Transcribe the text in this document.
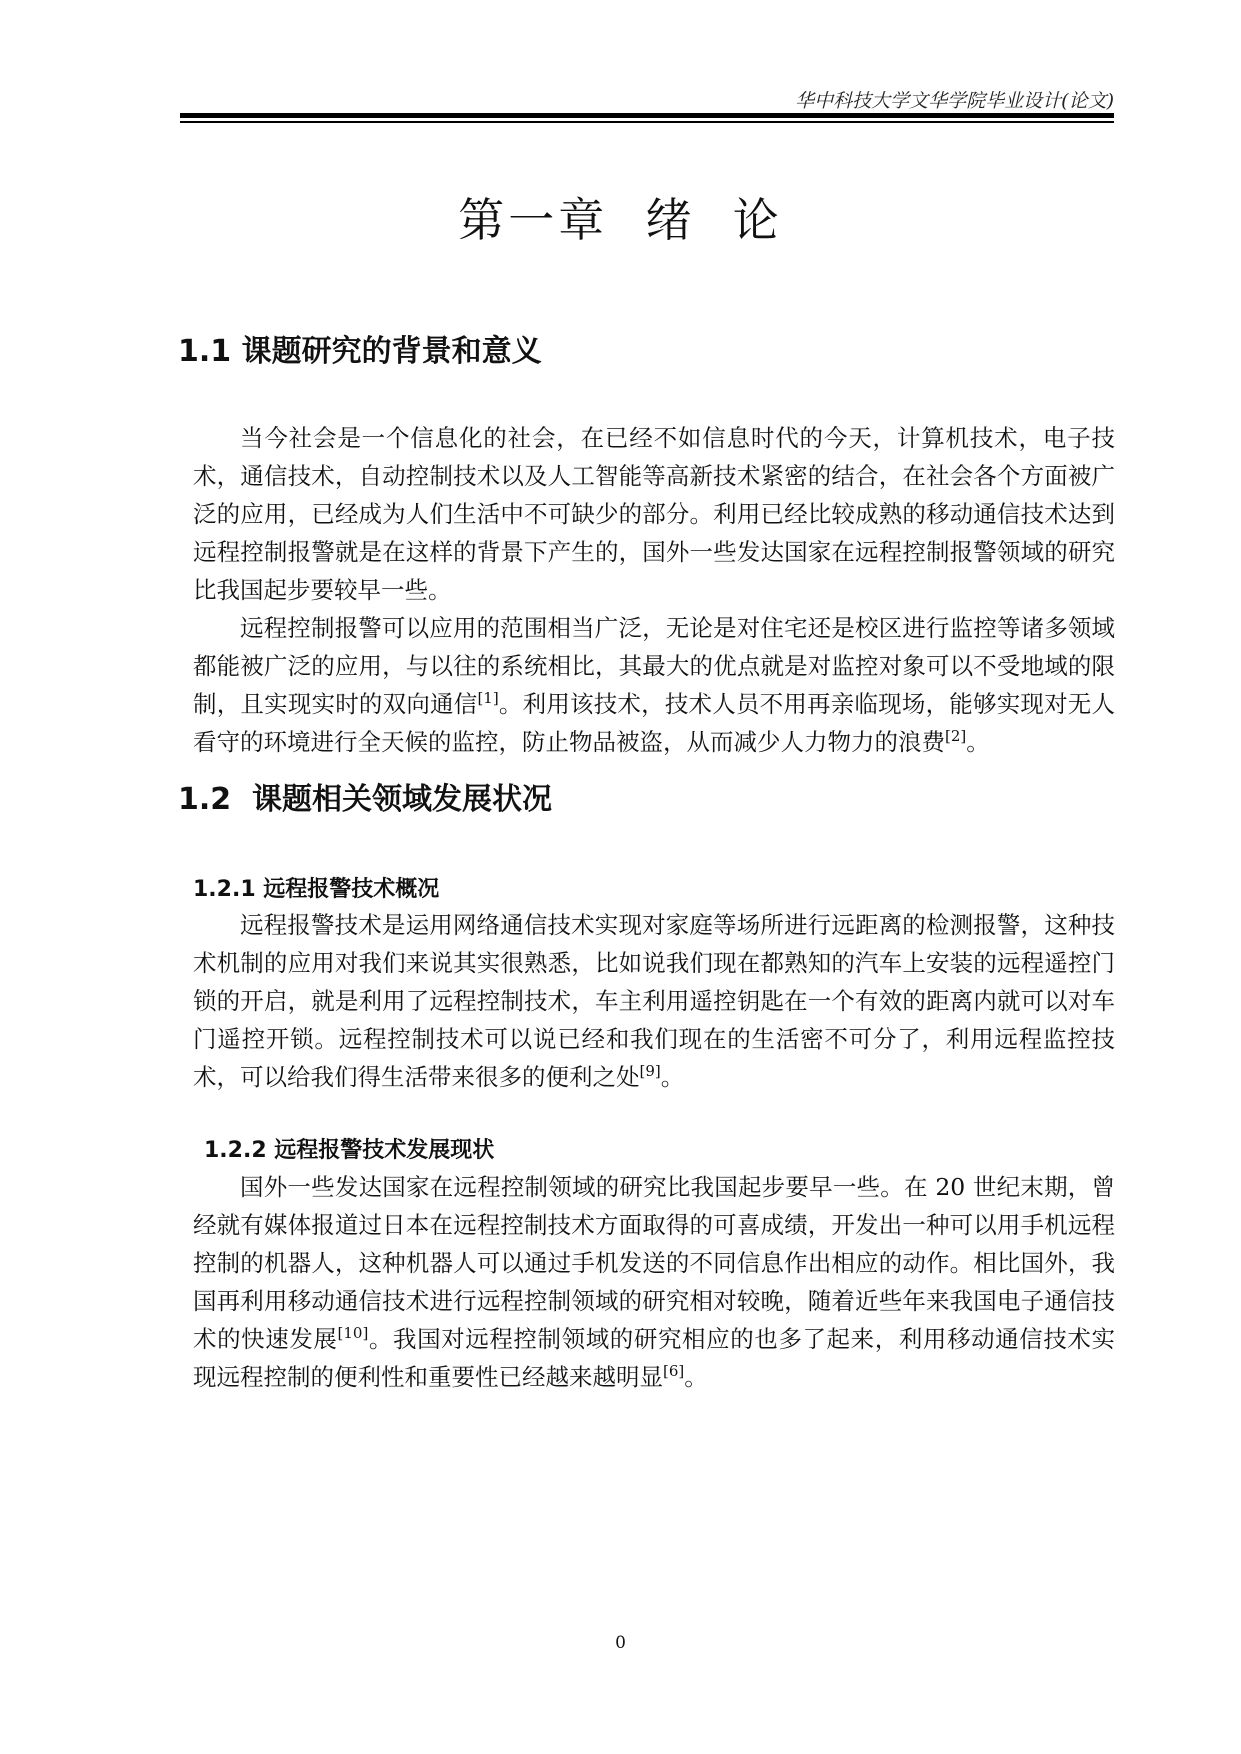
华中科技大学文华学院毕业设计(论文)
第一章  绪  论
1.1 课题研究的背景和意义

当今社会是一个信息化的社会，在已经不如信息时代的今天，计算机技术，电子技术，通信技术，自动控制技术以及人工智能等高新技术紧密的结合，在社会各个方面被广泛的应用，已经成为人们生活中不可缺少的部分。利用已经比较成熟的移动通信技术达到远程控制报警就是在这样的背景下产生的，国外一些发达国家在远程控制报警领域的研究比我国起步要较早一些。

远程控制报警可以应用的范围相当广泛，无论是对住宅还是校区进行监控等诸多领域都能被广泛的应用，与以往的系统相比，其最大的优点就是对监控对象可以不受地域的限制，且实现实时的双向通信[1]。利用该技术，技术人员不用再亲临现场，能够实现对无人看守的环境进行全天候的监控，防止物品被盗，从而减少人力物力的浪费[2]。

1.2  课题相关领域发展状况
1.2.1 远程报警技术概况

远程报警技术是运用网络通信技术实现对家庭等场所进行远距离的检测报警，这种技术机制的应用对我们来说其实很熟悉，比如说我们现在都熟知的汽车上安装的远程遥控门锁的开启，就是利用了远程控制技术，车主利用遥控钥匙在一个有效的距离内就可以对车门遥控开锁。远程控制技术可以说已经和我们现在的生活密不可分了，利用远程监控技术，可以给我们得生活带来很多的便利之处[9]。

1.2.2 远程报警技术发展现状

国外一些发达国家在远程控制领域的研究比我国起步要早一些。在 20 世纪末期，曾经就有媒体报道过日本在远程控制技术方面取得的可喜成绩，开发出一种可以用手机远程控制的机器人，这种机器人可以通过手机发送的不同信息作出相应的动作。相比国外，我国再利用移动通信技术进行远程控制领域的研究相对较晚，随着近些年来我国电子通信技术的快速发展[10]。我国对远程控制领域的研究相应的也多了起来，利用移动通信技术实现远程控制的便利性和重要性已经越来越明显[6]。

0
